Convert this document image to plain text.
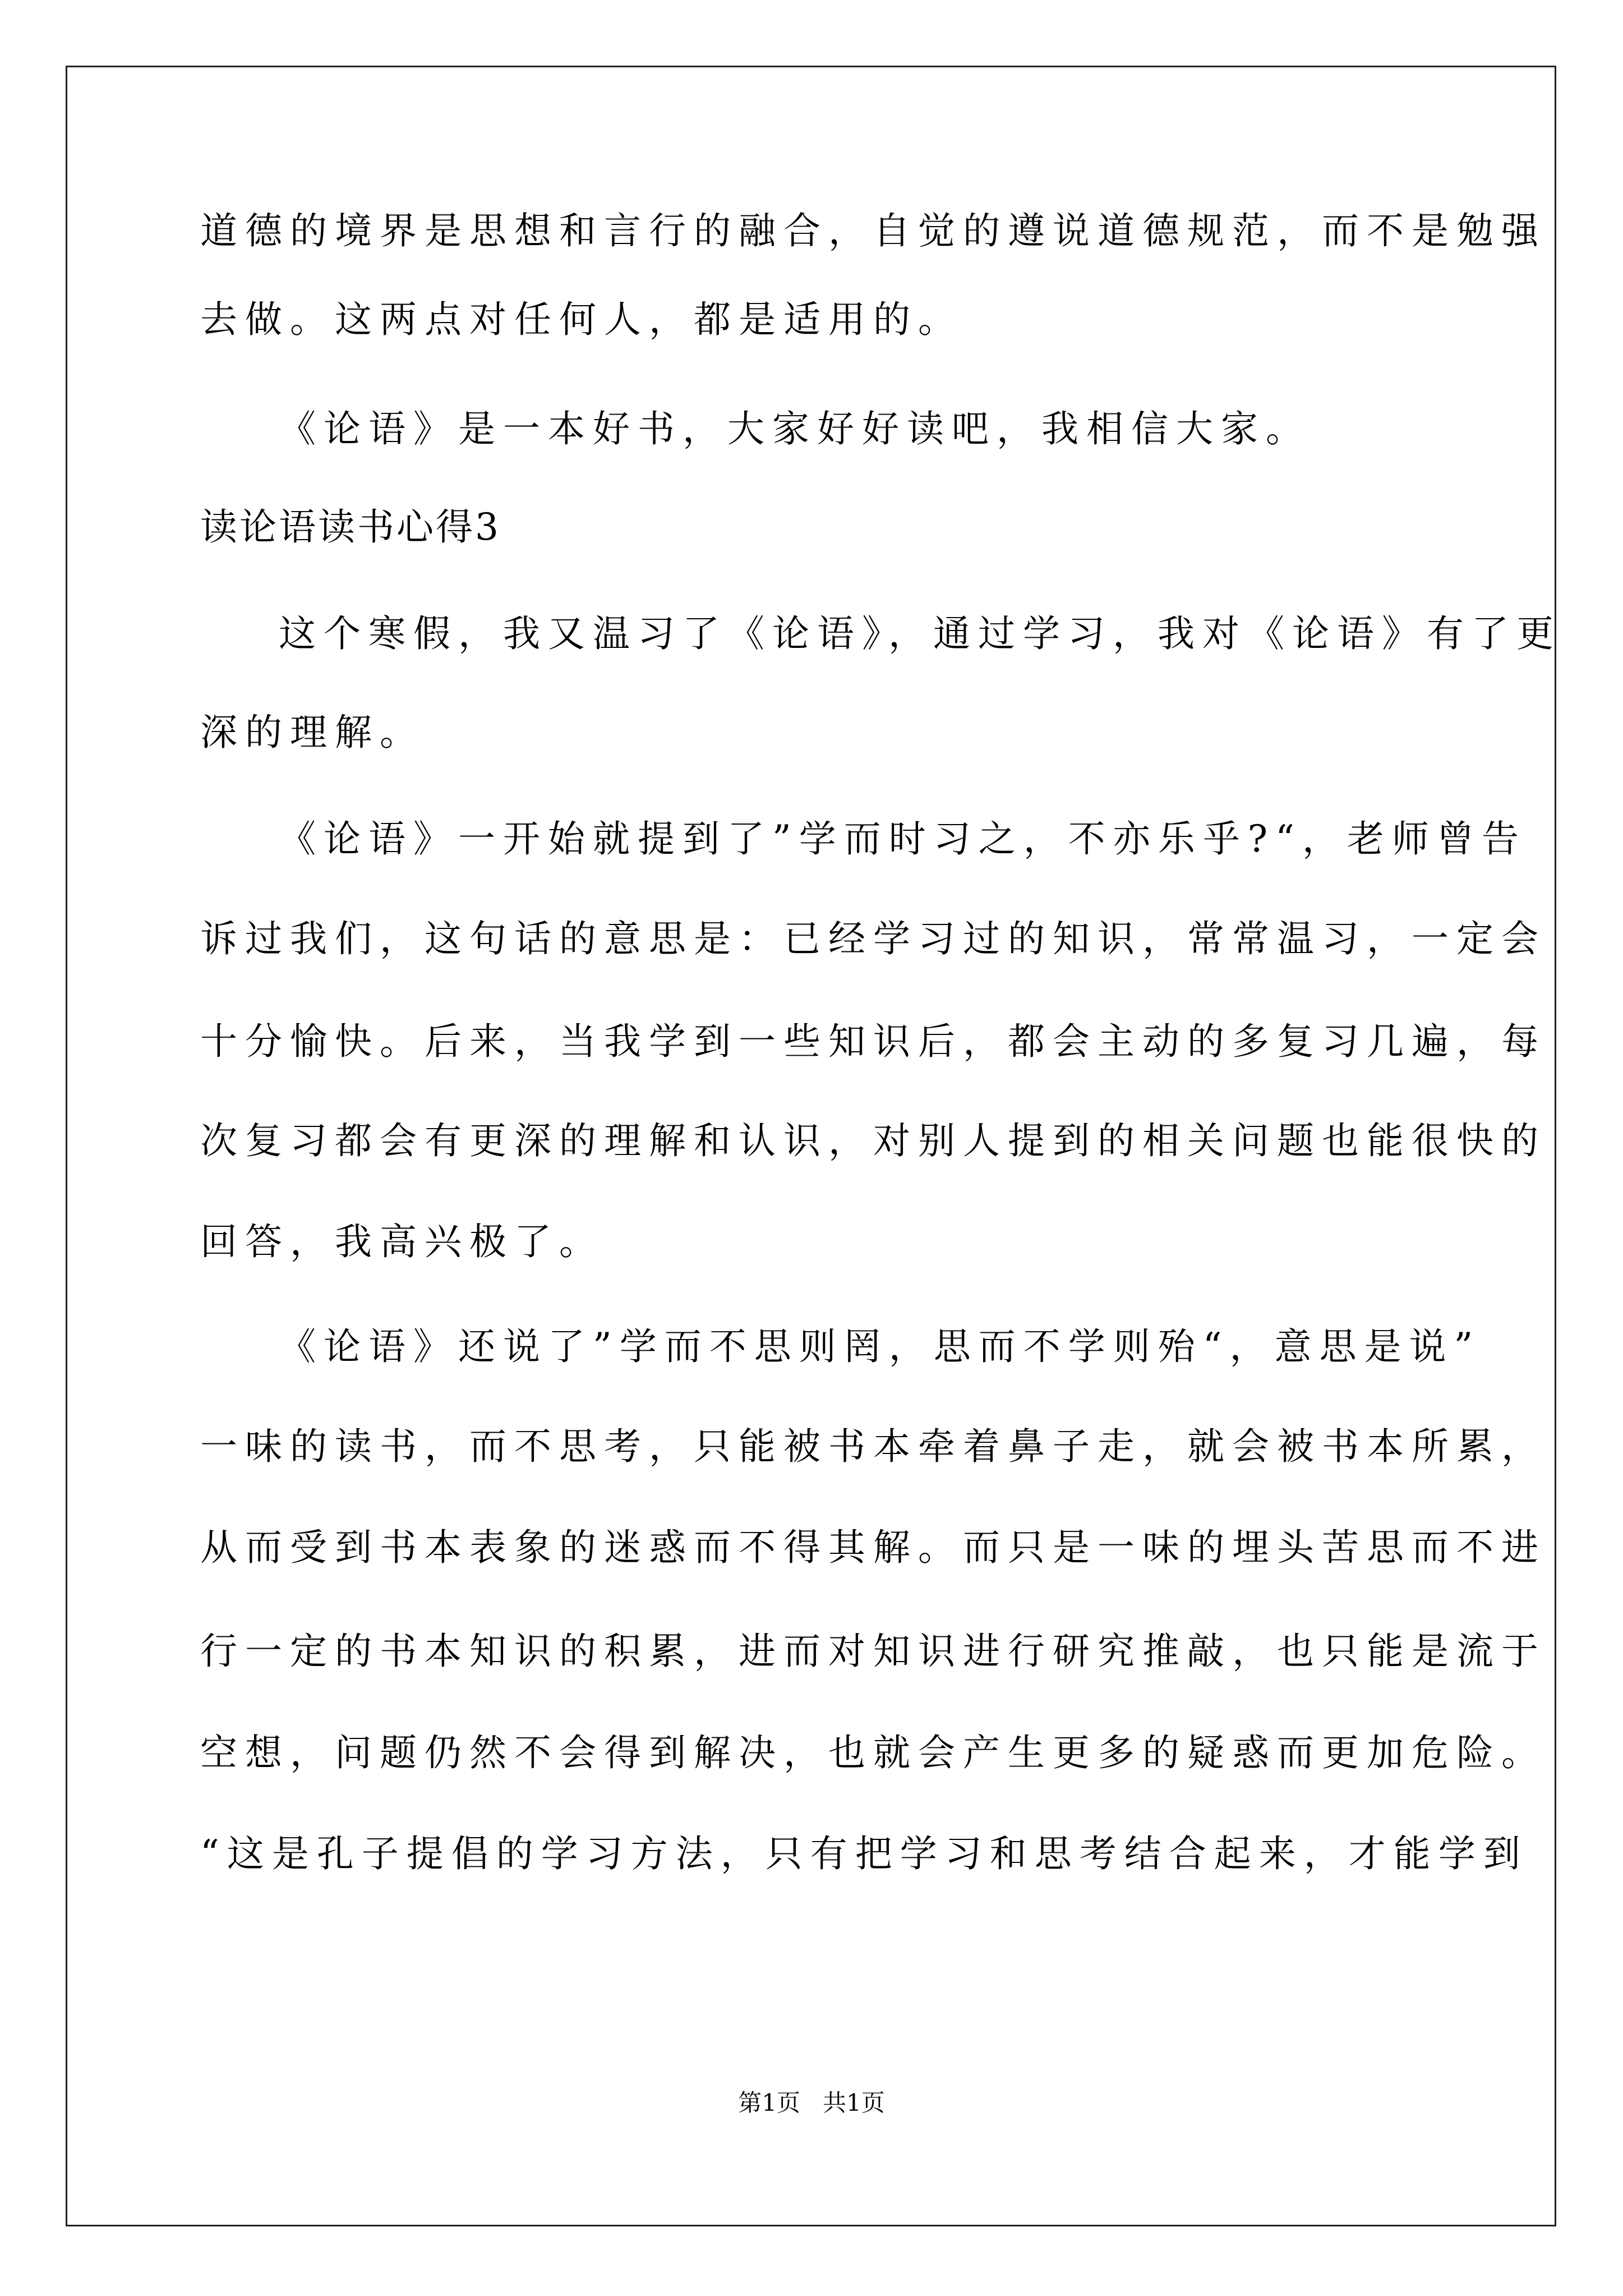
道德的境界是思想和言行的融合，自觉的遵说道德规范，而不是勉强
去做。这两点对任何人，都是适用的。
《论语》是一本好书，大家好好读吧，我相信大家。
读论语读书心得3
这个寒假，我又温习了《论语》，通过学习，我对《论语》有了更
深的理解。
《论语》一开始就提到了”学而时习之，不亦乐乎?“，老师曾告
诉过我们，这句话的意思是：已经学习过的知识，常常温习，一定会
十分愉快。后来，当我学到一些知识后，都会主动的多复习几遍，每
次复习都会有更深的理解和认识，对别人提到的相关问题也能很快的
回答，我高兴极了。
《论语》还说了”学而不思则罔，思而不学则殆“，意思是说”
一味的读书，而不思考，只能被书本牵着鼻子走，就会被书本所累，
从而受到书本表象的迷惑而不得其解。而只是一味的埋头苦思而不进
行一定的书本知识的积累，进而对知识进行研究推敲，也只能是流于
空想，问题仍然不会得到解决，也就会产生更多的疑惑而更加危险。
“这是孔子提倡的学习方法，只有把学习和思考结合起来，才能学到
第1页   共1页
